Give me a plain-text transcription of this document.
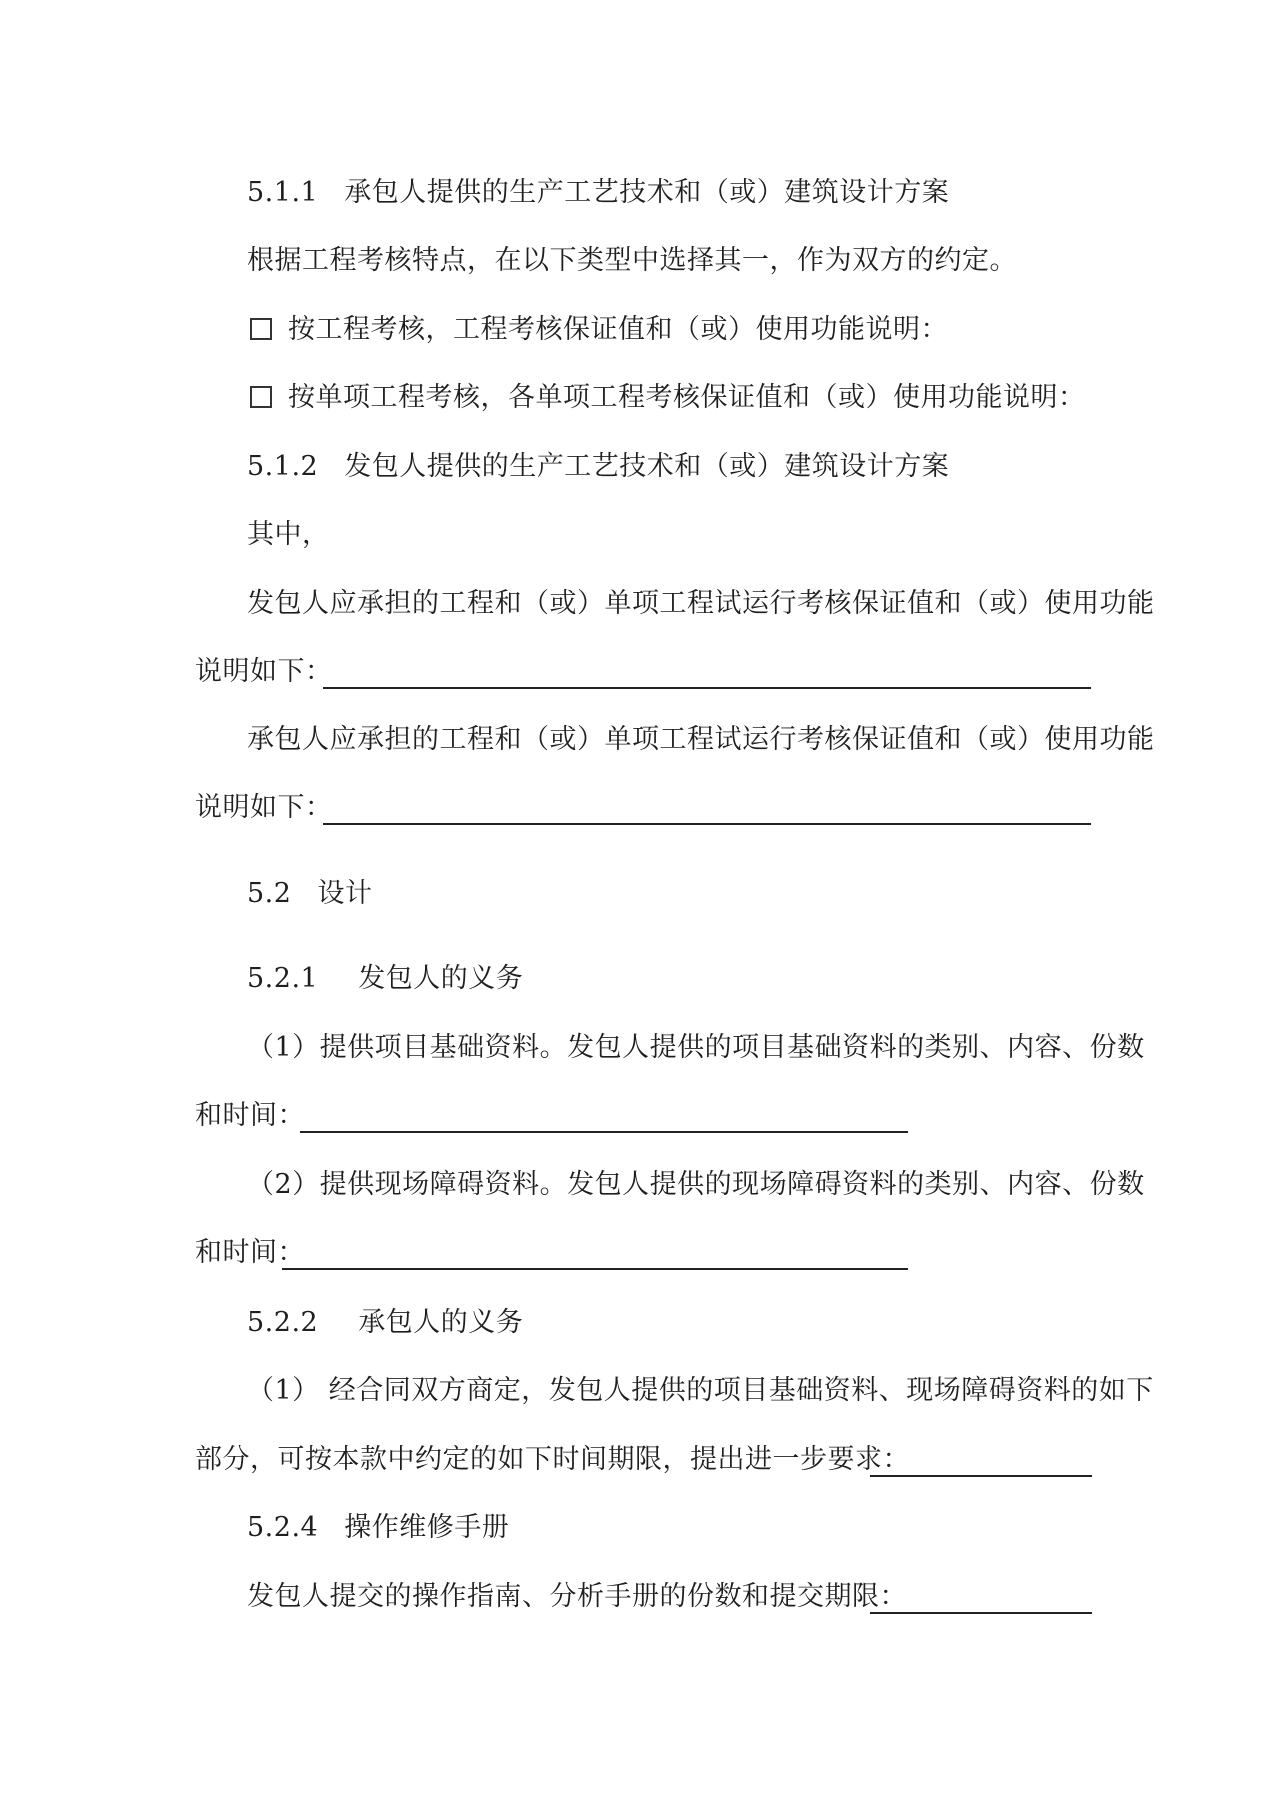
5.1.1 承包人提供的生产工艺技术和（或）建筑设计方案
根据工程考核特点，在以下类型中选择其一，作为双方的约定。
按工程考核，工程考核保证值和（或）使用功能说明：
按单项工程考核，各单项工程考核保证值和（或）使用功能说明：
5.1.2 发包人提供的生产工艺技术和（或）建筑设计方案
其中，
发包人应承担的工程和（或）单项工程试运行考核保证值和（或）使用功能
说明如下：
承包人应承担的工程和（或）单项工程试运行考核保证值和（或）使用功能
说明如下：
5.2 设计
5.2.1 发包人的义务
（1）提供项目基础资料。发包人提供的项目基础资料的类别、内容、份数
和时间：
（2）提供现场障碍资料。发包人提供的现场障碍资料的类别、内容、份数
和时间：
5.2.2 承包人的义务
（1） 经合同双方商定，发包人提供的项目基础资料、现场障碍资料的如下
部分，可按本款中约定的如下时间期限，提出进一步要求：
5.2.4 操作维修手册
发包人提交的操作指南、分析手册的份数和提交期限：
